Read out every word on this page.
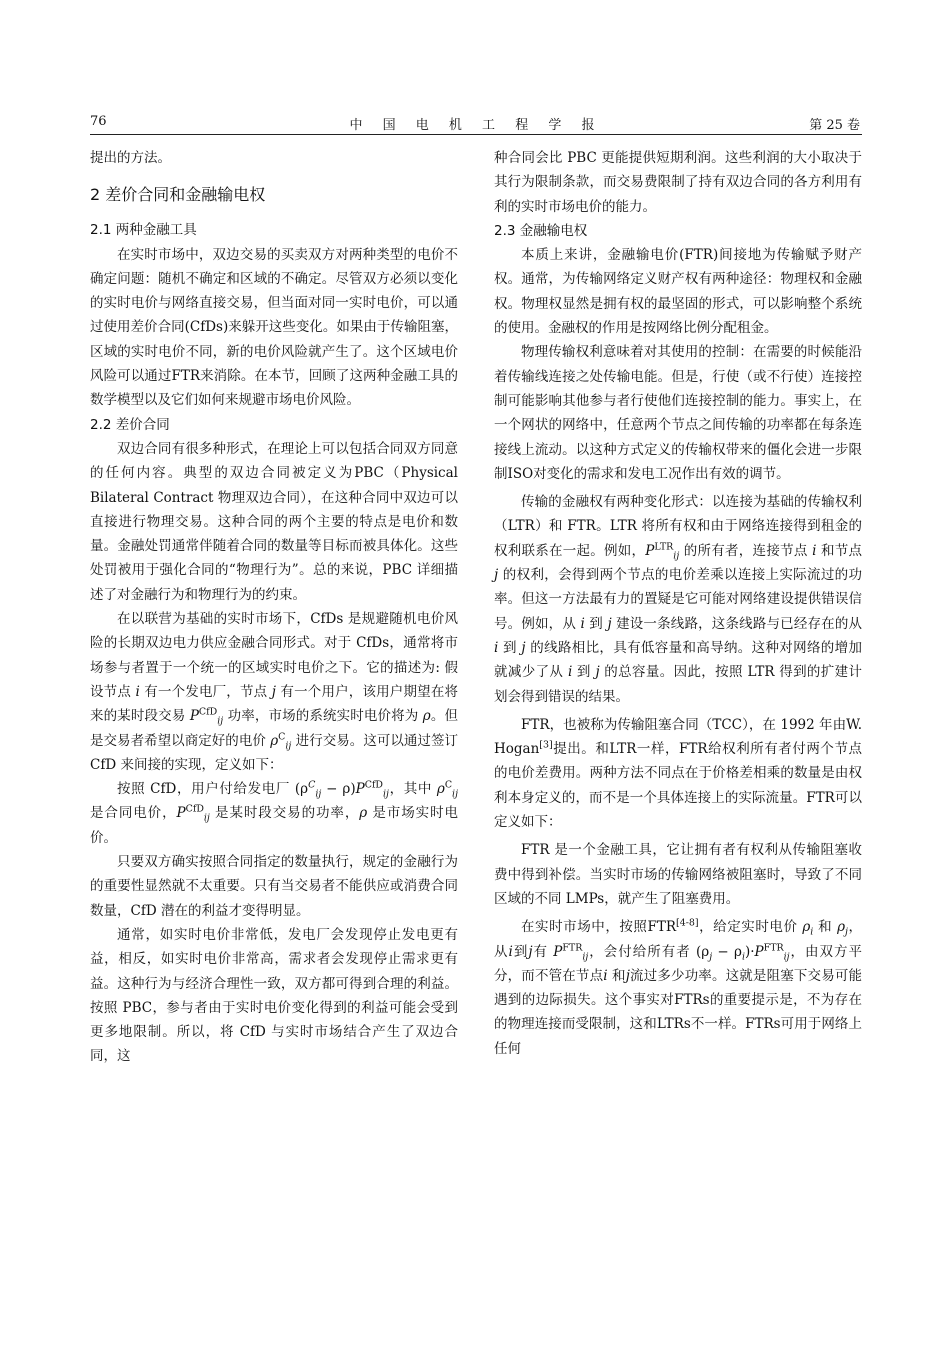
76	中 国 电 机 工 程 学 报	第 25 卷

提出的方法。

2 差价合同和金融输电权
2.1 两种金融工具

在实时市场中，双边交易的买卖双方对两种类型的电价不确定问题：随机不确定和区域的不确定。尽管双方必须以变化的实时电价与网络直接交易，但当面对同一实时电价，可以通过使用差价合同(CfDs)来躲开这些变化。如果由于传输阻塞，区域的实时电价不同，新的电价风险就产生了。这个区域电价风险可以通过FTR来消除。在本节，回顾了这两种金融工具的数学模型以及它们如何来规避市场电价风险。

2.2 差价合同

双边合同有很多种形式，在理论上可以包括合同双方同意的任何内容。典型的双边合同被定义为PBC（Physical Bilateral Contract 物理双边合同），在这种合同中双边可以直接进行物理交易。这种合同的两个主要的特点是电价和数量。金融处罚通常伴随着合同的数量等目标而被具体化。这些处罚被用于强化合同的“物理行为”。总的来说，PBC 详细描述了对金融行为和物理行为的约束。

在以联营为基础的实时市场下，CfDs 是规避随机电价风险的长期双边电力供应金融合同形式。对于 CfDs，通常将市场参与者置于一个统一的区域实时电价之下。它的描述为: 假设节点 i 有一个发电厂，节点 j 有一个用户，该用户期望在将来的某时段交易 $P^{CfD}_{ij}$ 功率，市场的系统实时电价将为 ρ。但是交易者希望以商定好的电价 $\rho^C_{ij}$ 进行交易。这可以通过签订 CfD 来间接的实现，定义如下：

按照 CfD，用户付给发电厂 $(\rho^C_{ij} - \rho)P^{CfD}_{ij}$，其中 $\rho^C_{ij}$ 是合同电价，$P^{CfD}_{ij}$ 是某时段交易的功率，ρ 是市场实时电价。

只要双方确实按照合同指定的数量执行，规定的金融行为的重要性显然就不太重要。只有当交易者不能供应或消费合同数量，CfD 潜在的利益才变得明显。

通常，如实时电价非常低，发电厂会发现停止发电更有益，相反，如实时电价非常高，需求者会发现停止需求更有益。这种行为与经济合理性一致，双方都可得到合理的利益。按照 PBC，参与者由于实时电价变化得到的利益可能会受到更多地限制。所以，将 CfD 与实时市场结合产生了双边合同，这

种合同会比 PBC 更能提供短期利润。这些利润的大小取决于其行为限制条款，而交易费限制了持有双边合同的各方利用有利的实时市场电价的能力。

2.3 金融输电权

本质上来讲，金融输电价(FTR)间接地为传输赋予财产权。通常，为传输网络定义财产权有两种途径：物理权和金融权。物理权显然是拥有权的最坚固的形式，可以影响整个系统的使用。金融权的作用是按网络比例分配租金。

物理传输权利意味着对其使用的控制：在需要的时候能沿着传输线连接之处传输电能。但是，行使（或不行使）连接控制可能影响其他参与者行使他们连接控制的能力。事实上，在一个网状的网络中，任意两个节点之间传输的功率都在每条连接线上流动。以这种方式定义的传输权带来的僵化会进一步限制ISO对变化的需求和发电工况作出有效的调节。

传输的金融权有两种变化形式：以连接为基础的传输权利（LTR）和 FTR。LTR 将所有权和由于网络连接得到租金的权利联系在一起。例如，$P^{LTR}_{ij}$ 的所有者，连接节点 i 和节点 j 的权利，会得到两个节点的电价差乘以连接上实际流过的功率。但这一方法最有力的置疑是它可能对网络建设提供错误信号。例如，从 i 到 j 建设一条线路，这条线路与已经存在的从 i 到 j 的线路相比，具有低容量和高导纳。这种对网络的增加就减少了从 i 到 j 的总容量。因此，按照 LTR 得到的扩建计划会得到错误的结果。

FTR，也被称为传输阻塞合同（TCC），在 1992 年由W. Hogan[3]提出。和LTR一样，FTR给权利所有者付两个节点的电价差费用。两种方法不同点在于价格差相乘的数量是由权利本身定义的，而不是一个具体连接上的实际流量。FTR可以定义如下：

FTR 是一个金融工具，它让拥有者有权利从传输阻塞收费中得到补偿。当实时市场的传输网络被阻塞时，导致了不同区域的不同 LMPs，就产生了阻塞费用。

在实时市场中，按照FTR[4-8]，给定实时电价 $\rho_i$ 和 $\rho_j$，从i到j有 $P^{FTR}_{ij}$，会付给所有者 $(\rho_j - \rho_i)\cdot P^{FTR}_{ij}$，由双方平分，而不管在节点i 和j流过多少功率。这就是阻塞下交易可能遇到的边际损失。这个事实对FTRs的重要提示是，不为存在的物理连接而受限制，这和LTRs不一样。FTRs可用于网络上任何
